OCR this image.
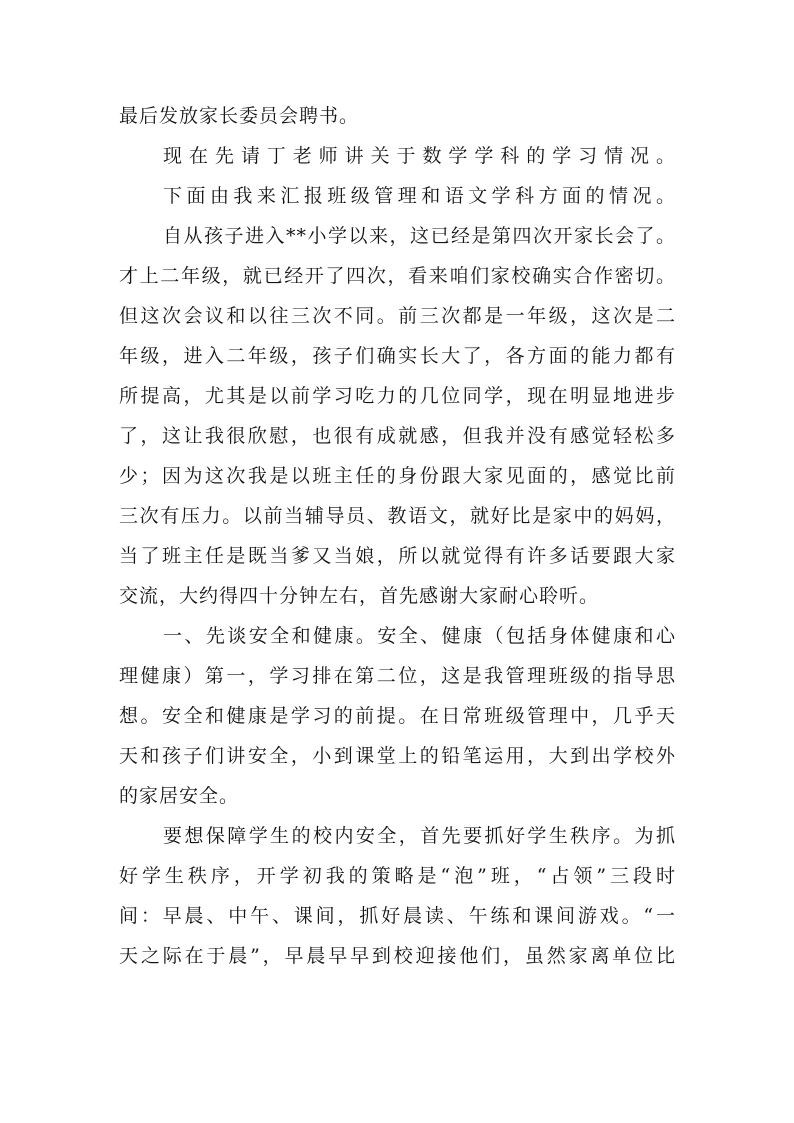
最后发放家长委员会聘书。

现在先请丁老师讲关于数学学科的学习情况。

下面由我来汇报班级管理和语文学科方面的情况。

自从孩子进入**小学以来，这已经是第四次开家长会了。

才上二年级，就已经开了四次，看来咱们家校确实合作密切。

但这次会议和以往三次不同。前三次都是一年级，这次是二

年级，进入二年级，孩子们确实长大了，各方面的能力都有

所提高，尤其是以前学习吃力的几位同学，现在明显地进步

了，这让我很欣慰，也很有成就感，但我并没有感觉轻松多

少；因为这次我是以班主任的身份跟大家见面的，感觉比前

三次有压力。以前当辅导员、教语文，就好比是家中的妈妈，

当了班主任是既当爹又当娘，所以就觉得有许多话要跟大家

交流，大约得四十分钟左右，首先感谢大家耐心聆听。

一、先谈安全和健康。安全、健康（包括身体健康和心

理健康）第一，学习排在第二位，这是我管理班级的指导思

想。安全和健康是学习的前提。在日常班级管理中，几乎天

天和孩子们讲安全，小到课堂上的铅笔运用，大到出学校外

的家居安全。

要想保障学生的校内安全，首先要抓好学生秩序。为抓

好学生秩序，开学初我的策略是“泡”班，“占领”三段时

间：早晨、中午、课间，抓好晨读、午练和课间游戏。“一

天之际在于晨”，早晨早早到校迎接他们，虽然家离单位比
